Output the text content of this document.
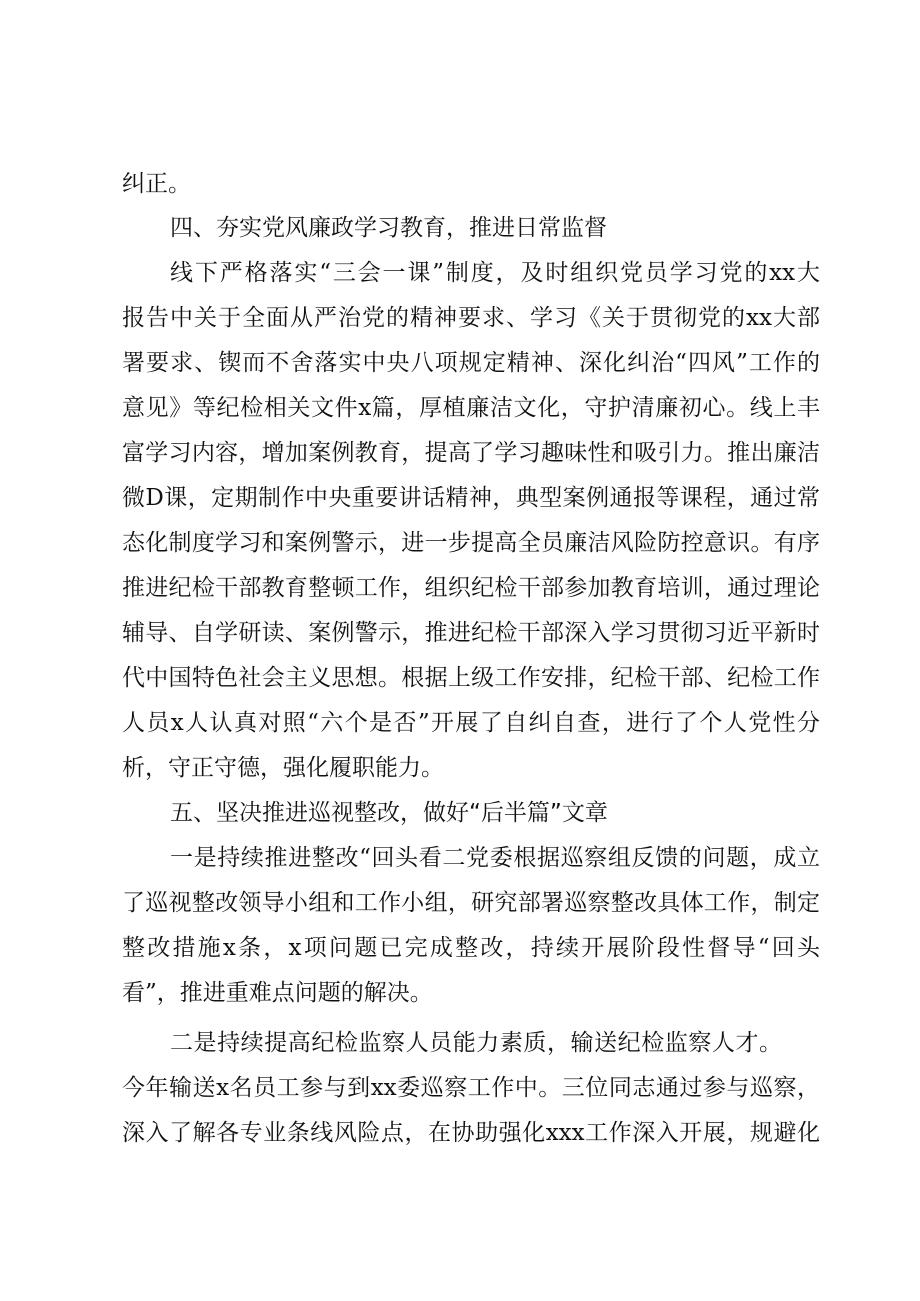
纠正。
四、夯实党风廉政学习教育，推进日常监督
线下严格落实“三会一课”制度，及时组织党员学习党的xx大
报告中关于全面从严治党的精神要求、学习《关于贯彻党的xx大部
署要求、锲而不舍落实中央八项规定精神、深化纠治“四风”工作的
意见》等纪检相关文件x篇，厚植廉洁文化，守护清廉初心。线上丰
富学习内容，增加案例教育，提高了学习趣味性和吸引力。推出廉洁
微D课，定期制作中央重要讲话精神，典型案例通报等课程，通过常
态化制度学习和案例警示，进一步提高全员廉洁风险防控意识。有序
推进纪检干部教育整顿工作，组织纪检干部参加教育培训，通过理论
辅导、自学研读、案例警示，推进纪检干部深入学习贯彻习近平新时
代中国特色社会主义思想。根据上级工作安排，纪检干部、纪检工作
人员x人认真对照“六个是否”开展了自纠自查，进行了个人党性分
析，守正守德，强化履职能力。
五、坚决推进巡视整改，做好“后半篇”文章
一是持续推进整改“回头看二党委根据巡察组反馈的问题，成立
了巡视整改领导小组和工作小组，研究部署巡察整改具体工作，制定
整改措施x条，x项问题已完成整改，持续开展阶段性督导“回头
看”，推进重难点问题的解决。
二是持续提高纪检监察人员能力素质，输送纪检监察人才。
今年输送x名员工参与到xx委巡察工作中。三位同志通过参与巡察，
深入了解各专业条线风险点，在协助强化xxx工作深入开展，规避化
